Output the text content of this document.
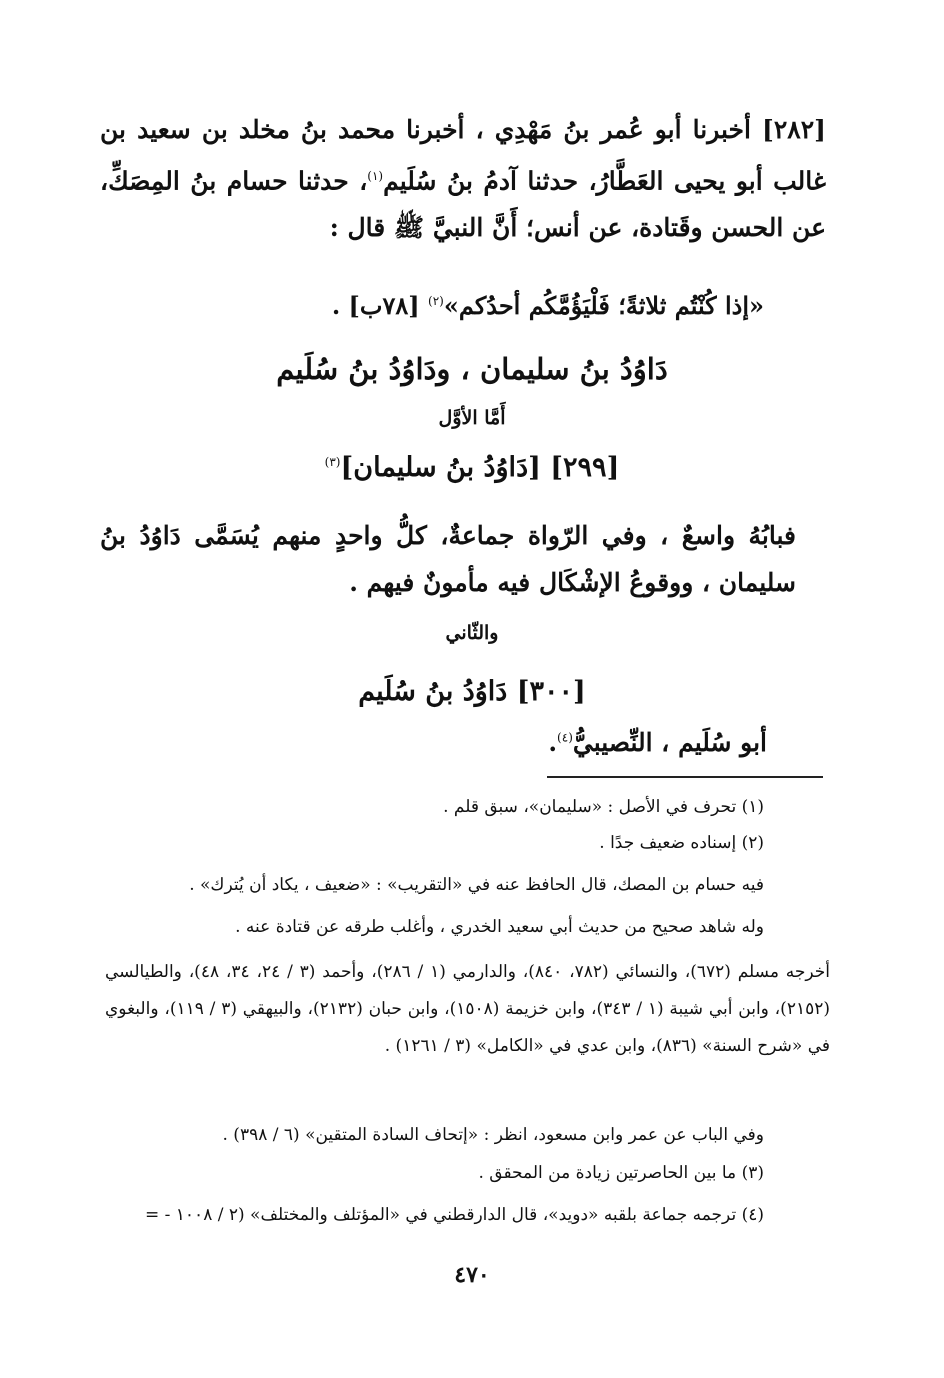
[٢٨٢] أخبرنا أبو عُمر بنُ مَهْدِي ، أخبرنا محمد بنُ مخلد بن سعيد بن غالب أبو يحيى العَطَّارُ، حدثنا آدمُ بنُ سُلَيم$^{(١)}$، حدثنا حسام بنُ المِصَكِّ، عن الحسن وقَتادة، عن أنس؛ أَنَّ النبيَّ ﷺ قال :

«إذا كُنْتُم ثلاثةً؛ فَلْيَؤُمَّكُم أحدُكم»$^{(٢)}$ [٧٨ب] .
دَاوُدُ بنُ سليمان ، ودَاوُدُ بنُ سُلَيم
أَمَّا الأوَّل
[٢٩٩] [دَاوُدُ بنُ سليمان]$^{(٣)}$

فبابُهُ واسعٌ ، وفي الرّواة جماعةٌ، كلُّ واحدٍ منهم يُسَمَّى دَاوُدُ بنُ سليمان ، ووقوعُ الإشْكَال فيه مأمونٌ فيهم .

والثّاني
[٣٠٠] دَاوُدُ بنُ سُلَيم
أبو سُلَيم ، النِّصيبيُّ$^{(٤)}$.
(١) تحرف في الأصل : «سليمان»، سبق قلم .
(٢) إسناده ضعيف جدًا .
فيه حسام بن المصك، قال الحافظ عنه في «التقريب» : «ضعيف ، يكاد أن يُترك» .
وله شاهد صحيح من حديث أبي سعيد الخدري ، وأغلب طرقه عن قتادة عنه .
أخرجه مسلم (٦٧٢)، والنسائي (٧٨٢، ٨٤٠)، والدارمي (١ / ٢٨٦)، وأحمد (٣ / ٢٤، ٣٤، ٤٨)، والطيالسي (٢١٥٢)، وابن أبي شيبة (١ / ٣٤٣)، وابن خزيمة (١٥٠٨)، وابن حبان (٢١٣٢)، والبيهقي (٣ / ١١٩)، والبغوي في «شرح السنة» (٨٣٦)، وابن عدي في «الكامل» (٣ / ١٢٦١) .
وفي الباب عن عمر وابن مسعود، انظر : «إتحاف السادة المتقين» (٦ / ٣٩٨) .
(٣) ما بين الحاصرتين زيادة من المحقق .
(٤) ترجمه جماعة بلقبه «دويد»، قال الدارقطني في «المؤتلف والمختلف» (٢ / ١٠٠٨ - =
٤٧٠
